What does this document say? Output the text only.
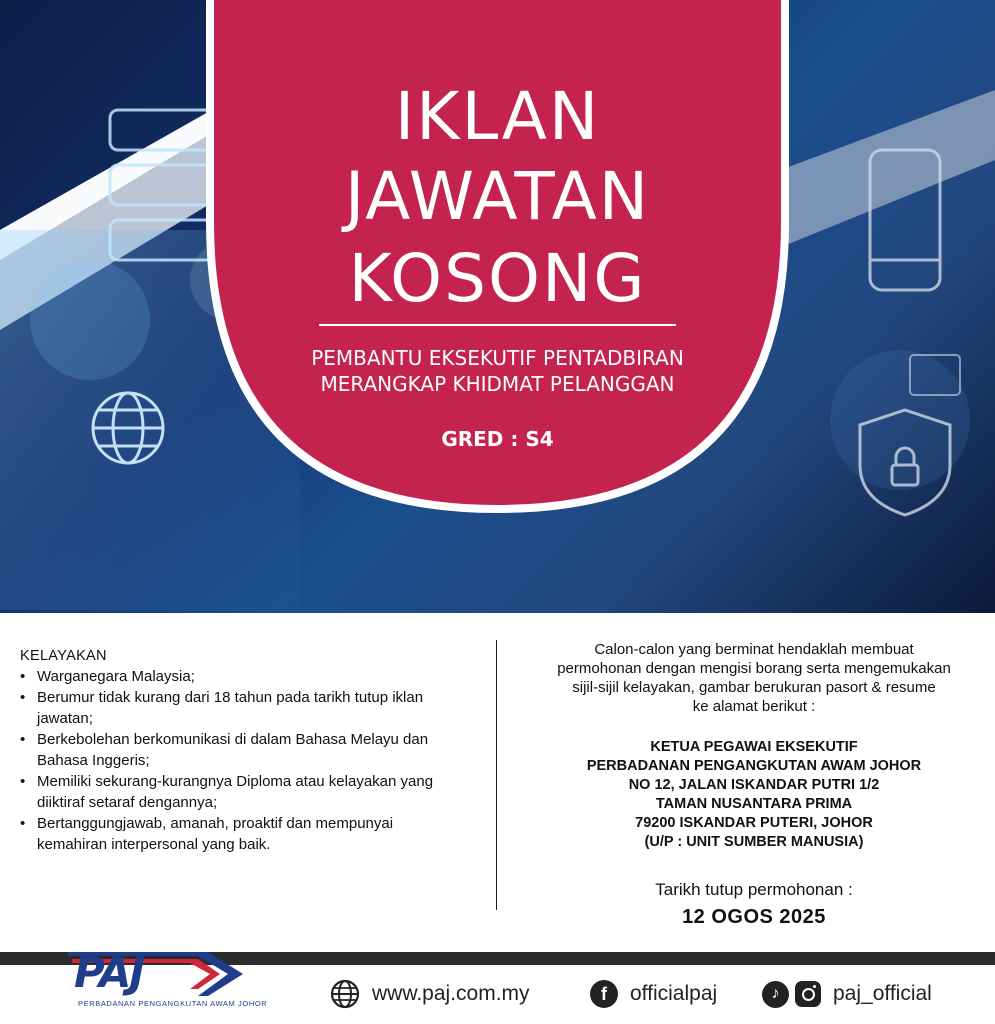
IKLAN
JAWATAN
KOSONG
PEMBANTU EKSEKUTIF PENTADBIRAN
MERANGKAP KHIDMAT PELANGGAN
GRED : S4
KELAYAKAN
• Warganegara Malaysia;
• Berumur tidak kurang dari 18 tahun pada tarikh tutup iklan jawatan;
• Berkebolehan berkomunikasi di dalam Bahasa Melayu dan Bahasa Inggeris;
• Memiliki sekurang-kurangnya Diploma atau kelayakan yang diiktiraf setaraf dengannya;
• Bertanggungjawab, amanah, proaktif dan mempunyai kemahiran interpersonal yang baik.
Calon-calon yang berminat hendaklah membuat
permohonan dengan mengisi borang serta mengemukakan
sijil-sijil kelayakan, gambar berukuran pasort & resume
ke alamat berikut :
KETUA PEGAWAI EKSEKUTIF
PERBADANAN PENGANGKUTAN AWAM JOHOR
NO 12, JALAN ISKANDAR PUTRI 1/2
TAMAN NUSANTARA PRIMA
79200 ISKANDAR PUTERI, JOHOR
(U/P : UNIT SUMBER MANUSIA)
Tarikh tutup permohonan :
12 OGOS 2025
PAJ
PERBADANAN PENGANGKUTAN AWAM JOHOR	www.paj.com.my	f	officialpaj	♪	paj_official
